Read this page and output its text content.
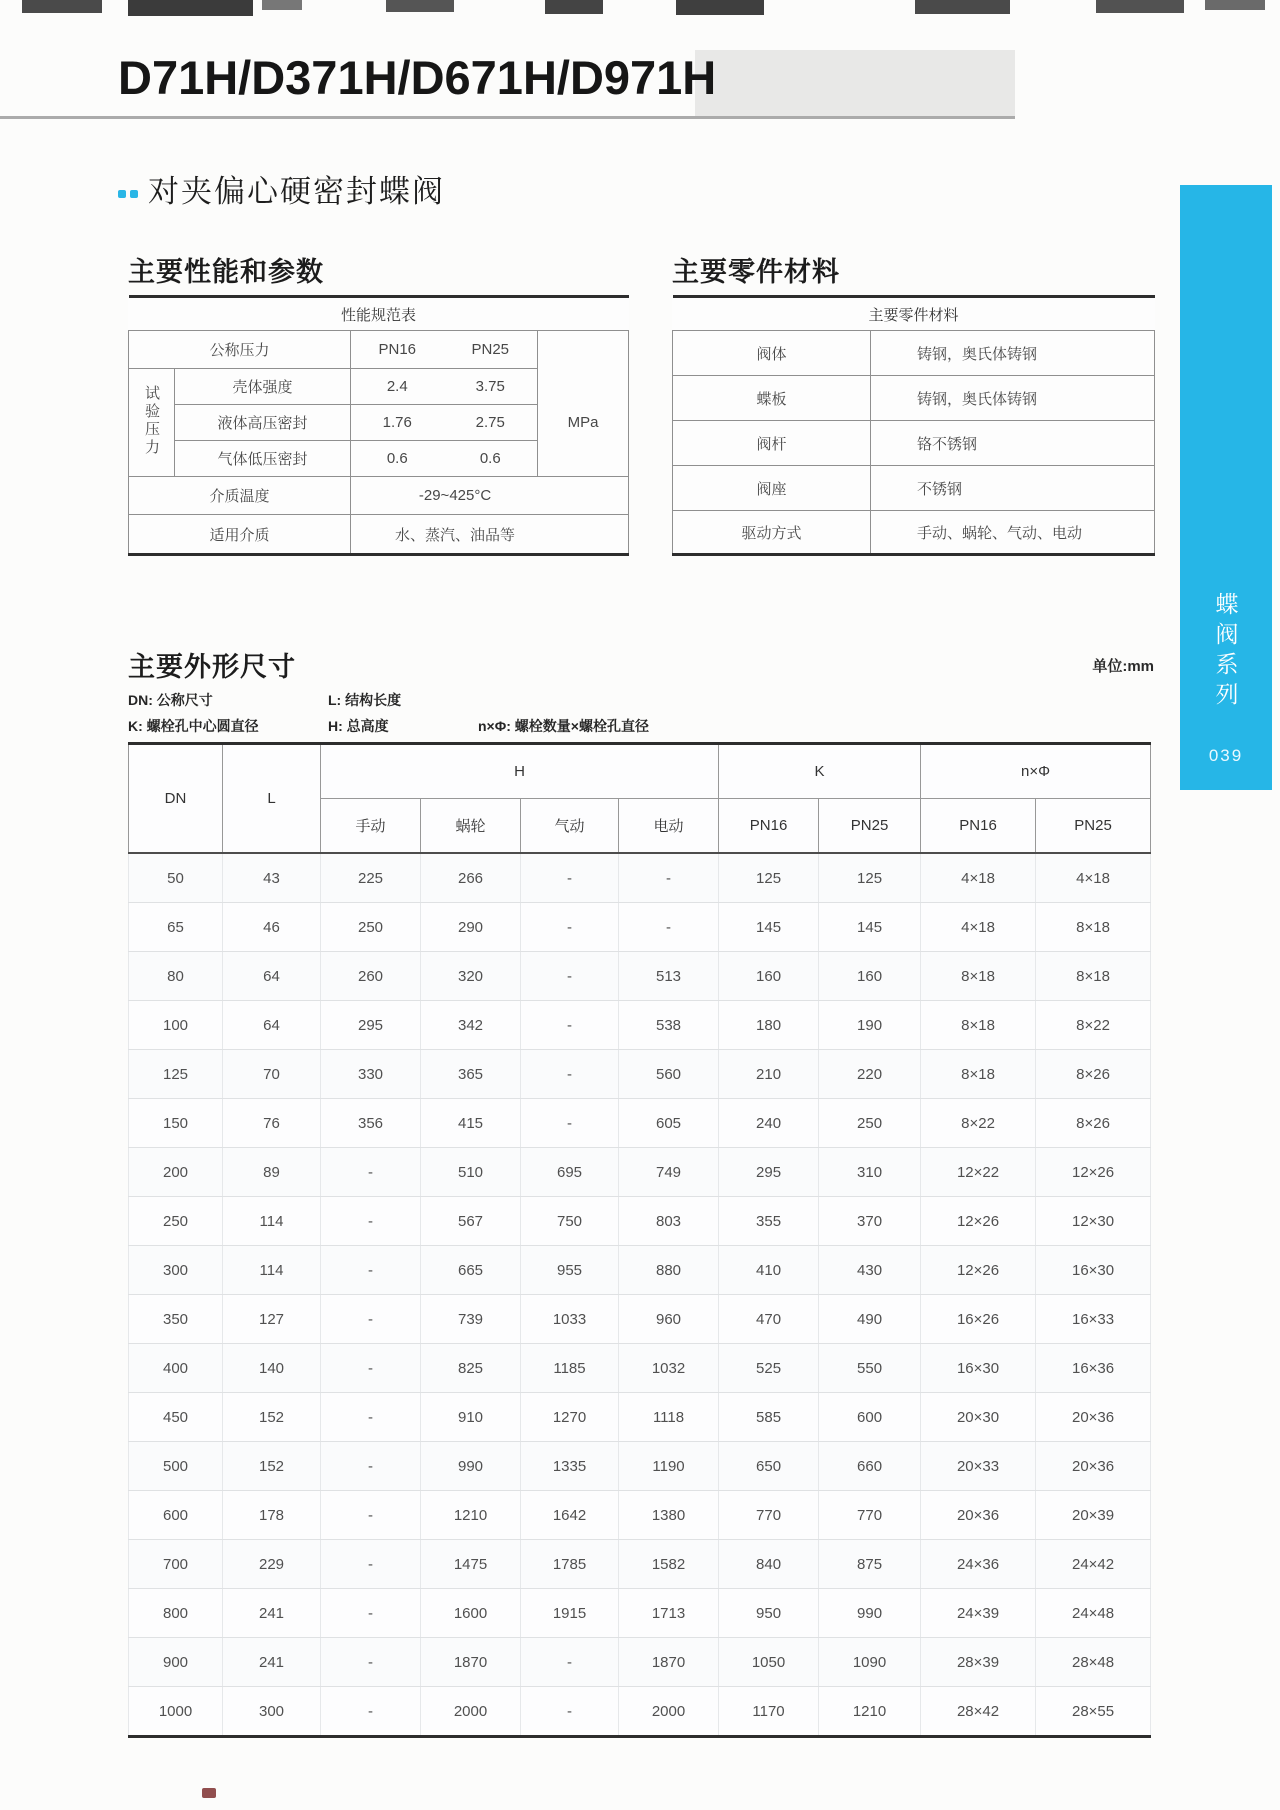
D71H/D371H/D671H/D971H
对夹偏心硬密封蝶阀
蝶阀系列
039
主要性能和参数	主要零件材料
性能规范表				
公称压力		PN16	PN25	
试验压力	壳体强度	2.4	3.75	MPa
	液体高压密封	1.76	2.75	
	气体低压密封	0.6	0.6	
介质温度		-29~425°C		
适用介质		水、蒸汽、油品等		
主要零件材料	
阀体	铸钢，奥氏体铸钢
蝶板	铸钢，奥氏体铸钢
阀杆	铬不锈钢
阀座	不锈钢
驱动方式	手动、蜗轮、气动、电动
主要外形尺寸	单位:mm
DN: 公称尺寸	L: 结构长度
K: 螺栓孔中心圆直径	H: 总高度	n×Φ: 螺栓数量×螺栓孔直径
DN	L	H				K		n×Φ	
		手动	蜗轮	气动	电动	PN16	PN25	PN16	PN25
50	43	225	266	-	-	125	125	4×18	4×18
65	46	250	290	-	-	145	145	4×18	8×18
80	64	260	320	-	513	160	160	8×18	8×18
100	64	295	342	-	538	180	190	8×18	8×22
125	70	330	365	-	560	210	220	8×18	8×26
150	76	356	415	-	605	240	250	8×22	8×26
200	89	-	510	695	749	295	310	12×22	12×26
250	114	-	567	750	803	355	370	12×26	12×30
300	114	-	665	955	880	410	430	12×26	16×30
350	127	-	739	1033	960	470	490	16×26	16×33
400	140	-	825	1185	1032	525	550	16×30	16×36
450	152	-	910	1270	1118	585	600	20×30	20×36
500	152	-	990	1335	1190	650	660	20×33	20×36
600	178	-	1210	1642	1380	770	770	20×36	20×39
700	229	-	1475	1785	1582	840	875	24×36	24×42
800	241	-	1600	1915	1713	950	990	24×39	24×48
900	241	-	1870	-	1870	1050	1090	28×39	28×48
1000	300	-	2000	-	2000	1170	1210	28×42	28×55
